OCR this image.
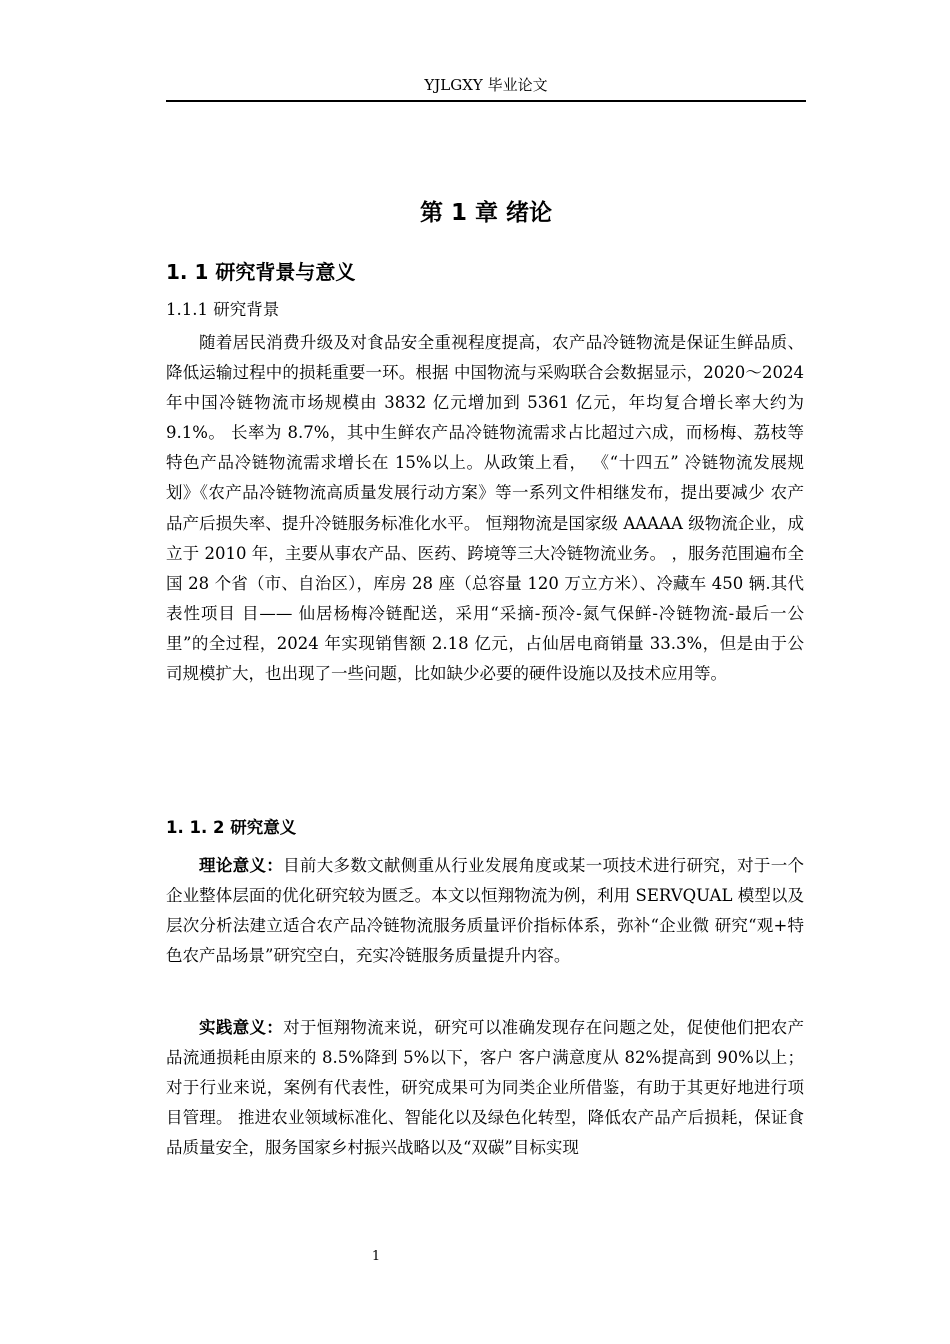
YJLGXY 毕业论文
第 1 章 绪论
1. 1 研究背景与意义
1.1.1 研究背景

随着居民消费升级及对食品安全重视程度提高，农产品冷链物流是保证生鲜品质、降低运输过程中的损耗重要一环。根据 中国物流与采购联合会数据显示，2020～2024 年中国冷链物流市场规模由 3832 亿元增加到 5361 亿元，年均复合增长率大约为 9.1%。 长率为 8.7%，其中生鲜农产品冷链物流需求占比超过六成，而杨梅、荔枝等特色产品冷链物流需求增长在 15%以上。从政策上看， 《“十四五” 冷链物流发展规划》《农产品冷链物流高质量发展行动方案》等一系列文件相继发布，提出要减少 农产品产后损失率、提升冷链服务标准化水平。 恒翔物流是国家级 AAAAA 级物流企业，成立于 2010 年，主要从事农产品、医药、跨境等三大冷链物流业务。 ，服务范围遍布全国 28 个省（市、自治区），库房 28 座（总容量 120 万立方米）、冷藏车 450 辆.其代表性项目 目—— 仙居杨梅冷链配送，采用“采摘-预冷-氮气保鲜-冷链物流-最后一公里”的全过程，2024 年实现销售额 2.18 亿元，占仙居电商销量 33.3%，但是由于公司规模扩大，也出现了一些问题，比如缺少必要的硬件设施以及技术应用等。

1. 1. 2 研究意义

理论意义：目前大多数文献侧重从行业发展角度或某一项技术进行研究，对于一个企业整体层面的优化研究较为匮乏。本文以恒翔物流为例，利用 SERVQUAL 模型以及层次分析法建立适合农产品冷链物流服务质量评价指标体系，弥补“企业微 研究“观+特色农产品场景”研究空白，充实冷链服务质量提升内容。

实践意义：对于恒翔物流来说，研究可以准确发现存在问题之处，促使他们把农产品流通损耗由原来的 8.5%降到 5%以下，客户 客户满意度从 82%提高到 90%以上；对于行业来说，案例有代表性，研究成果可为同类企业所借鉴，有助于其更好地进行项目管理。 推进农业领域标准化、智能化以及绿色化转型，降低农产品产后损耗，保证食品质量安全，服务国家乡村振兴战略以及“双碳”目标实现

1
